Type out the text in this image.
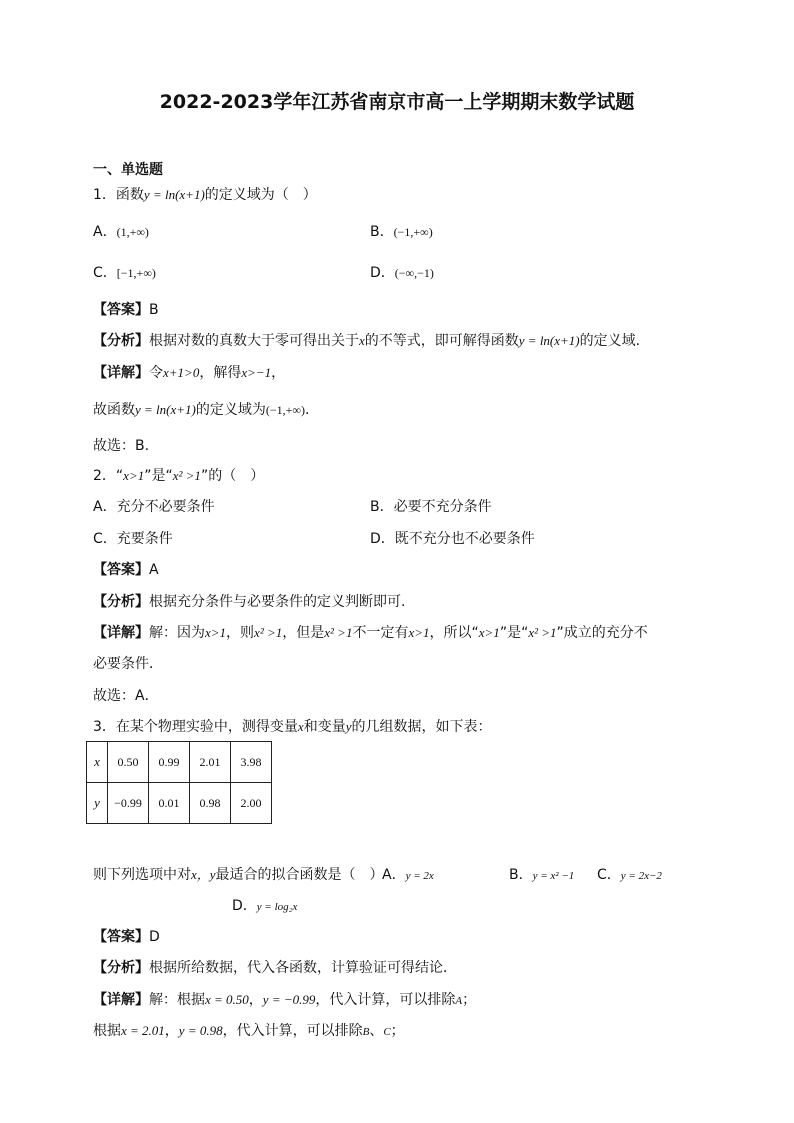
2022-2023学年江苏省南京市高一上学期期末数学试题
一、单选题
1．函数y = ln(x+1)的定义域为（　）
A．(1,+∞)	B．(−1,+∞)
C．[−1,+∞)	D．(−∞,−1)
【答案】B
【分析】根据对数的真数大于零可得出关于x的不等式，即可解得函数y = ln(x+1)的定义域.
【详解】令x+1>0，解得x>−1，
故函数y = ln(x+1)的定义域为(−1,+∞).
故选：B.
2．“x>1”是“x² >1”的（　）
A．充分不必要条件	B．必要不充分条件
C．充要条件	D．既不充分也不必要条件
【答案】A
【分析】根据充分条件与必要条件的定义判断即可.
【详解】解：因为x>1，则x² >1，但是x² >1不一定有x>1，所以“x>1”是“x² >1”成立的充分不
必要条件．
故选：A．
3．在某个物理实验中，测得变量x和变量y的几组数据，如下表：
x	0.50	0.99	2.01	3.98
y	−0.99	0.01	0.98	2.00
则下列选项中对x，y最适合的拟合函数是（　）
A．y = 2x	B．y = x² −1 C．y = 2x−2
D．y = log₂x
【答案】D
【分析】根据所给数据，代入各函数，计算验证可得结论．
【详解】解：根据x = 0.50，y = −0.99，代入计算，可以排除A；
根据x = 2.01，y = 0.98，代入计算，可以排除B、C；
